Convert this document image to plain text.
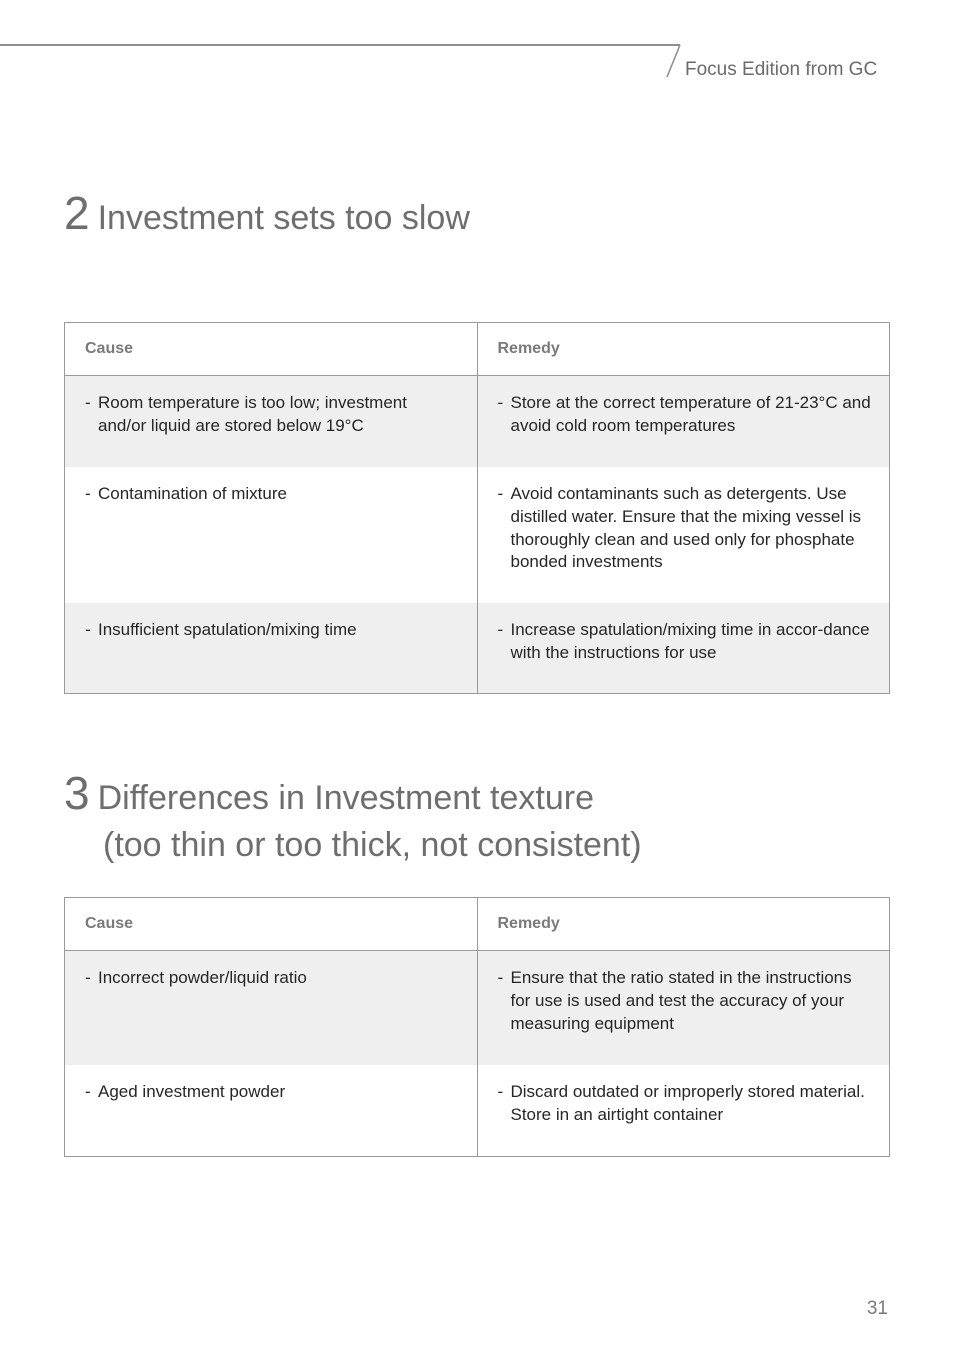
Focus Edition from GC
2 Investment sets too slow
Cause	Remedy

- Room temperature is too low; investment and/or liquid are stored below 19°C	- Store at the correct temperature of 21-23°C and avoid cold room temperatures

- Contamination of mixture	- Avoid contaminants such as detergents. Use distilled water. Ensure that the mixing vessel is thoroughly clean and used only for phosphate bonded investments

- Insufficient spatulation/mixing time	- Increase spatulation/mixing time in accor-dance with the instructions for use
3 Differences in Investment texture
(too thin or too thick, not consistent)
Cause	Remedy

- Incorrect powder/liquid ratio	- Ensure that the ratio stated in the instructions for use is used and test the accuracy of your measuring equipment

- Aged investment powder	- Discard outdated or improperly stored material. Store in an airtight container
31
